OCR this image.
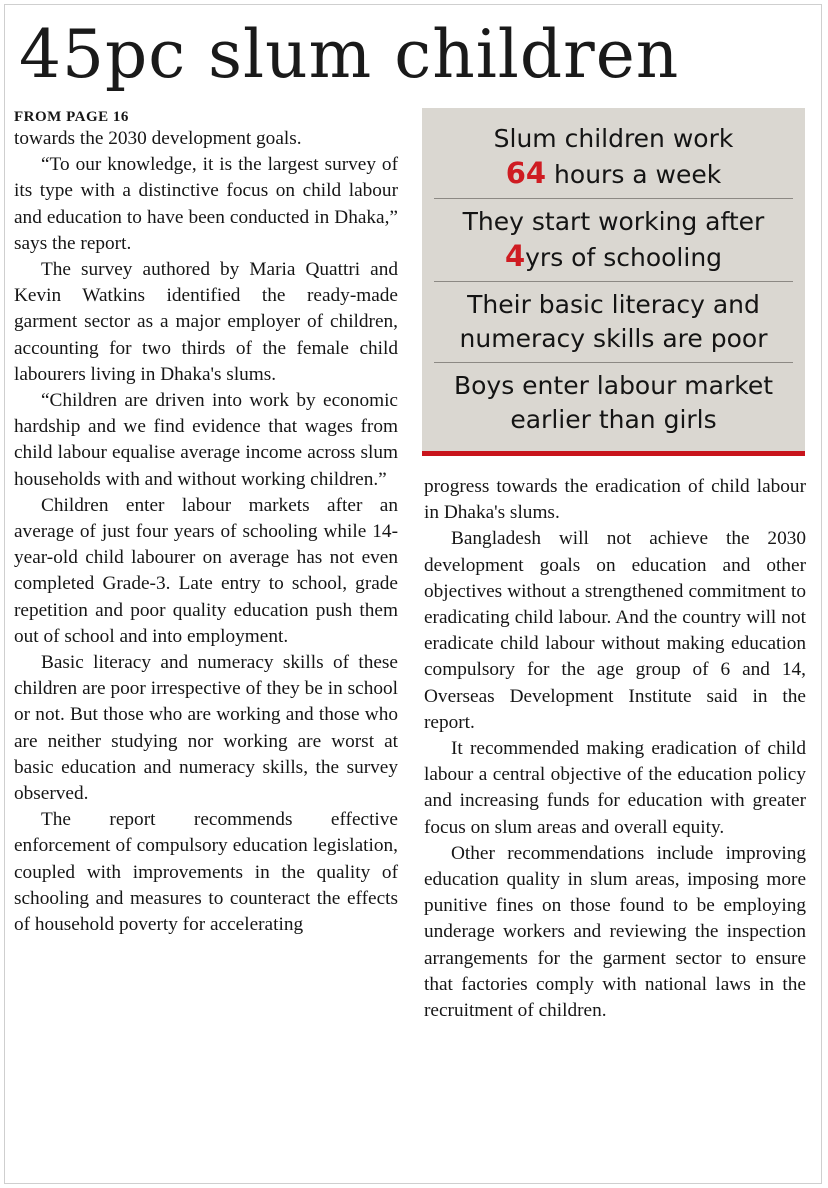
45pc slum children
FROM PAGE 16

towards the 2030 development goals.

“To our knowledge, it is the largest survey of its type with a distinctive focus on child labour and education to have been conducted in Dhaka,” says the report.

The survey authored by Maria Quattri and Kevin Watkins identified the ready-made garment sector as a major employer of children, accounting for two thirds of the female child labourers living in Dhaka's slums.

“Children are driven into work by economic hardship and we find evidence that wages from child labour equalise average income across slum households with and without working children.”

Children enter labour markets after an average of just four years of schooling while 14-year-old child labourer on average has not even completed Grade-3. Late entry to school, grade repetition and poor quality education push them out of school and into employment.

Basic literacy and numeracy skills of these children are poor irrespective of they be in school or not. But those who are working and those who are neither studying nor working are worst at basic education and numeracy skills, the survey observed.

The report recommends effective enforcement of compulsory education legislation, coupled with improvements in the quality of schooling and measures to counteract the effects of household poverty for accelerating

Slum children work
64 hours a week
They start working after
4yrs of schooling
Their basic literacy and numeracy skills are poor
Boys enter labour market earlier than girls

progress towards the eradication of child labour in Dhaka's slums.

Bangladesh will not achieve the 2030 development goals on education and other objectives without a strengthened commitment to eradicating child labour. And the country will not eradicate child labour without making education compulsory for the age group of 6 and 14, Overseas Development Institute said in the report.

It recommended making eradication of child labour a central objective of the education policy and increasing funds for education with greater focus on slum areas and overall equity.

Other recommendations include improving education quality in slum areas, imposing more punitive fines on those found to be employing underage workers and reviewing the inspection arrangements for the garment sector to ensure that factories comply with national laws in the recruitment of children.
